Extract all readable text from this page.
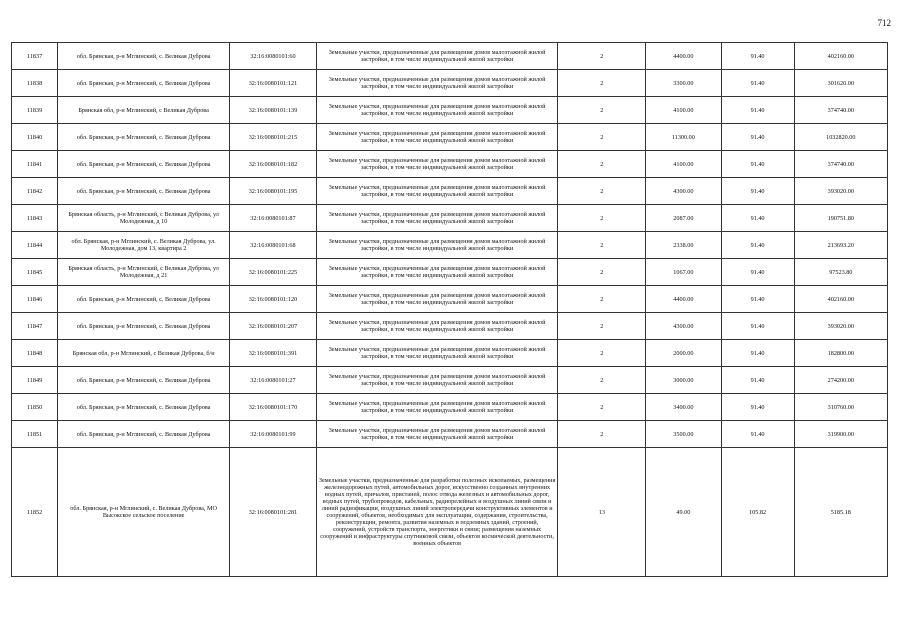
712
11837	обл. Брянская, р-н Мглинский, с. Великая Дуброва	32:16:0080101:60	Земельные участки, предназначенные для размещения домов малоэтажной жилой застройки, в том числе индивидуальной жилой застройки	2	4400.00	91.40	402160.00
11838	обл. Брянская, р-н Мглинский, с. Великая Дуброва	32:16:0080101:121	Земельные участки, предназначенные для размещения домов малоэтажной жилой застройки, в том числе индивидуальной жилой застройки	2	3300.00	91.40	301620.00
11839	Брянская обл, р-н Мглинский, с Великая Дуброва	32:16:0080101:139	Земельные участки, предназначенные для размещения домов малоэтажной жилой застройки, в том числе индивидуальной жилой застройки	2	4100.00	91.40	374740.00
11840	обл. Брянская, р-н Мглинский, с. Великая Дуброва	32:16:0080101:215	Земельные участки, предназначенные для размещения домов малоэтажной жилой застройки, в том числе индивидуальной жилой застройки	2	11300.00	91.40	1032820.00
11841	обл. Брянская, р-н Мглинский, с. Великая Дуброва	32:16:0080101:182	Земельные участки, предназначенные для размещения домов малоэтажной жилой застройки, в том числе индивидуальной жилой застройки	2	4100.00	91.40	374740.00
11842	обл. Брянская, р-н Мглинский, с. Великая Дуброва	32:16:0080101:195	Земельные участки, предназначенные для размещения домов малоэтажной жилой застройки, в том числе индивидуальной жилой застройки	2	4300.00	91.40	393020.00
11843	Брянская область, р-н Мглинский, с Великая Дуброва, ул Молодежная, д 10	32:16:0080101:87	Земельные участки, предназначенные для размещения домов малоэтажной жилой застройки, в том числе индивидуальной жилой застройки	2	2087.00	91.40	190751.80
11844	обл. Брянская, р-н Мглинский, с. Великая Дуброва, ул. Молодежная, дом 13, квартира 2	32:16:0080101:68	Земельные участки, предназначенные для размещения домов малоэтажной жилой застройки, в том числе индивидуальной жилой застройки	2	2338.00	91.40	213693.20
11845	Брянская область, р-н Мглинский, с Великая Дуброва, ул Молодежная, д 21	32:16:0080101:225	Земельные участки, предназначенные для размещения домов малоэтажной жилой застройки, в том числе индивидуальной жилой застройки	2	1067.00	91.40	97523.80
11846	обл. Брянская, р-н Мглинский, с. Великая Дуброва	32:16:0080101:120	Земельные участки, предназначенные для размещения домов малоэтажной жилой застройки, в том числе индивидуальной жилой застройки	2	4400.00	91.40	402160.00
11847	обл. Брянская, р-н Мглинский, с. Великая Дуброва	32:16:0080101:207	Земельные участки, предназначенные для размещения домов малоэтажной жилой застройки, в том числе индивидуальной жилой застройки	2	4300.00	91.40	393020.00
11848	Брянская обл, р-н Мглинский, с Великая Дуброва, б/н	32:16:0080101:391	Земельные участки, предназначенные для размещения домов малоэтажной жилой застройки, в том числе индивидуальной жилой застройки	2	2000.00	91.40	182800.00
11849	обл. Брянская, р-н Мглинский, с. Великая Дуброва	32:16:0080101:27	Земельные участки, предназначенные для размещения домов малоэтажной жилой застройки, в том числе индивидуальной жилой застройки	2	3000.00	91.40	274200.00
11850	обл. Брянская, р-н Мглинский, с. Великая Дуброва	32:16:0080101:170	Земельные участки, предназначенные для размещения домов малоэтажной жилой застройки, в том числе индивидуальной жилой застройки	2	3400.00	91.40	310760.00
11851	обл. Брянская, р-н Мглинский, с. Великая Дуброва	32:16:0080101:99	Земельные участки, предназначенные для размещения домов малоэтажной жилой застройки, в том числе индивидуальной жилой застройки	2	3500.00	91.40	319900.00
11852	обл. Брянская, р-н Мглинский, с. Великая Дуброва, МО Высокское сельское поселение	32:16:0080101:281	Земельные участки, предназначенные для разработки полезных ископаемых, размещения железнодорожных путей, автомобильных дорог, искусственно созданных внутренних водных путей, причалов, пристаней, полос отвода железных и автомобильных дорог, водных путей, трубопроводов, кабельных, радиорелейных и воздушных линий связи и линий радиофикации, воздушных линий электропередачи конструктивных элементов и сооружений, объектов, необходимых для эксплуатации, содержания, строительства, реконструкции, ремонта, развития наземных и подземных зданий, строений, сооружений, устройств транспорта, энергетики и связи; размещения наземных сооружений и инфраструктуры спутниковой связи, объектов космической деятельности, военных объектов	13	49.00	105.82	5185.18
